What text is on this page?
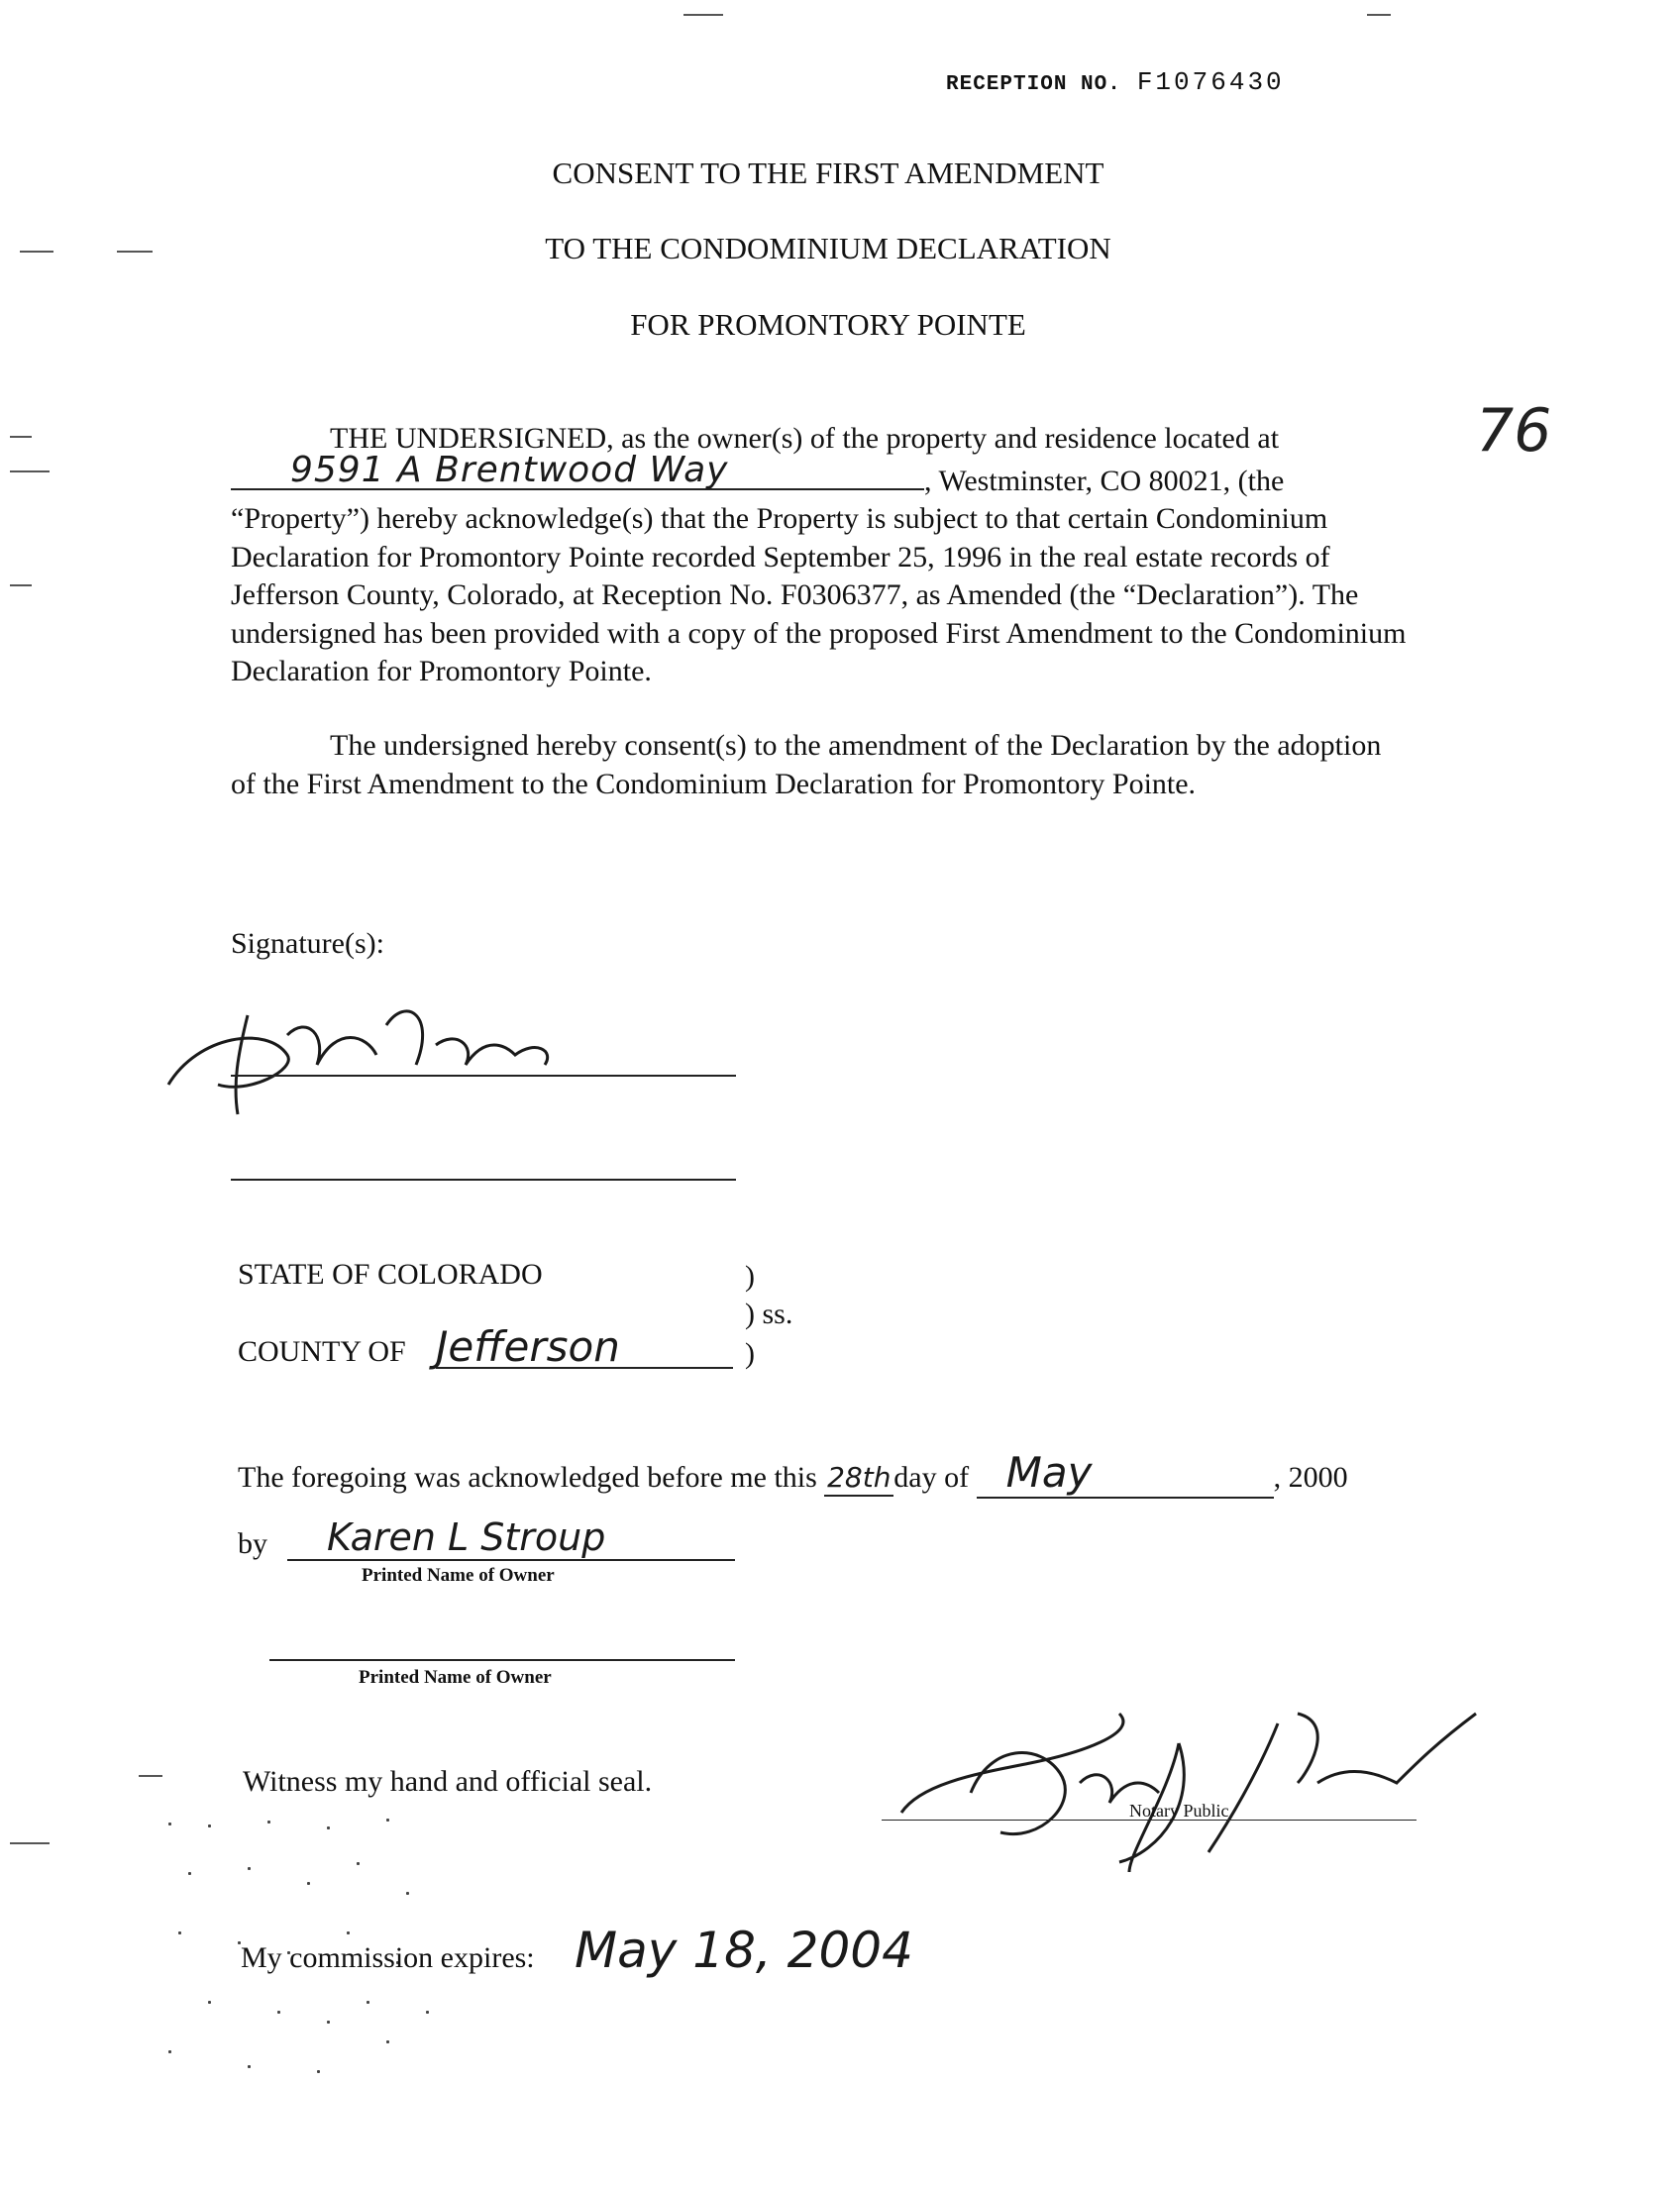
RECEPTION NO. F1076430
CONSENT TO THE FIRST AMENDMENT
TO THE CONDOMINIUM DECLARATION
FOR PROMONTORY POINTE
76
THE UNDERSIGNED, as the owner(s) of the property and residence located at

9591 A Brentwood Way	, Westminster, CO 80021, (the
“Property”) hereby acknowledge(s) that the Property is subject to that certain Condominium Declaration for Promontory Pointe recorded September 25, 1996 in the real estate records of Jefferson County, Colorado, at Reception No. F0306377, as Amended (the “Declaration”). The undersigned has been provided with a copy of the proposed First Amendment to the Condominium Declaration for Promontory Pointe.
The undersigned hereby consent(s) to the amendment of the Declaration by the adoption of the First Amendment to the Condominium Declaration for Promontory Pointe.
Signature(s):
STATE OF COLORADO	)
) ss.
COUNTY OF Jefferson	)
The foregoing was acknowledged before me this 28thday of May	, 2000
by Karen L Stroup
Printed Name of Owner
Printed Name of Owner
Witness my hand and official seal.
Notary Public
My commission expires: May 18, 2004
